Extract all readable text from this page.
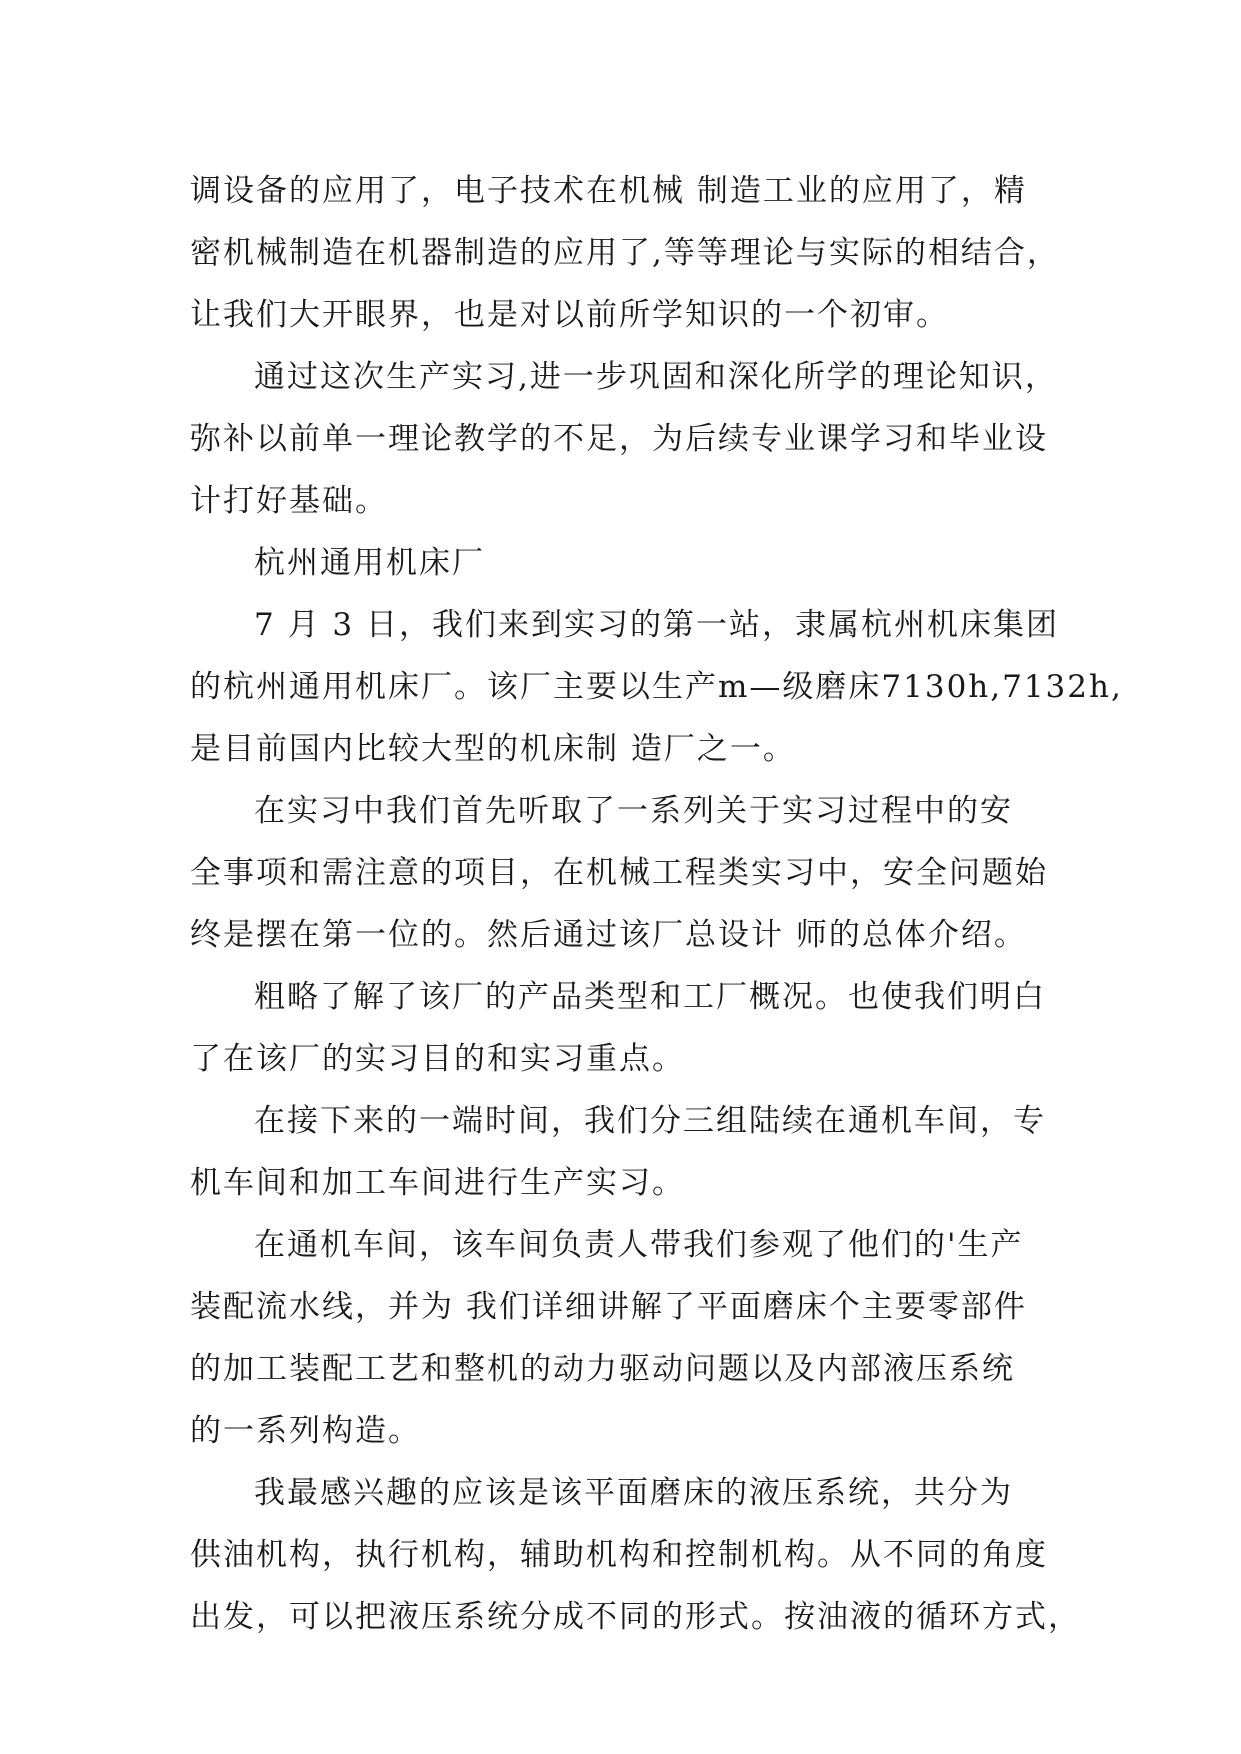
调设备的应用了，电子技术在机械 制造工业的应用了，精
密机械制造在机器制造的应用了,等等理论与实际的相结合，
让我们大开眼界，也是对以前所学知识的一个初审。
通过这次生产实习,进一步巩固和深化所学的理论知识，
弥补以前单一理论教学的不足，为后续专业课学习和毕业设
计打好基础。
杭州通用机床厂
7 月 3 日，我们来到实习的第一站，隶属杭州机床集团
的杭州通用机床厂。该厂主要以生产m—级磨床7130h,7132h,
是目前国内比较大型的机床制 造厂之一。
在实习中我们首先听取了一系列关于实习过程中的安
全事项和需注意的项目，在机械工程类实习中，安全问题始
终是摆在第一位的。然后通过该厂总设计 师的总体介绍。
粗略了解了该厂的产品类型和工厂概况。也使我们明白
了在该厂的实习目的和实习重点。
在接下来的一端时间，我们分三组陆续在通机车间，专
机车间和加工车间进行生产实习。
在通机车间，该车间负责人带我们参观了他们的'生产
装配流水线，并为 我们详细讲解了平面磨床个主要零部件
的加工装配工艺和整机的动力驱动问题以及内部液压系统
的一系列构造。
我最感兴趣的应该是该平面磨床的液压系统，共分为
供油机构，执行机构，辅助机构和控制机构。从不同的角度
出发，可以把液压系统分成不同的形式。按油液的循环方式，
